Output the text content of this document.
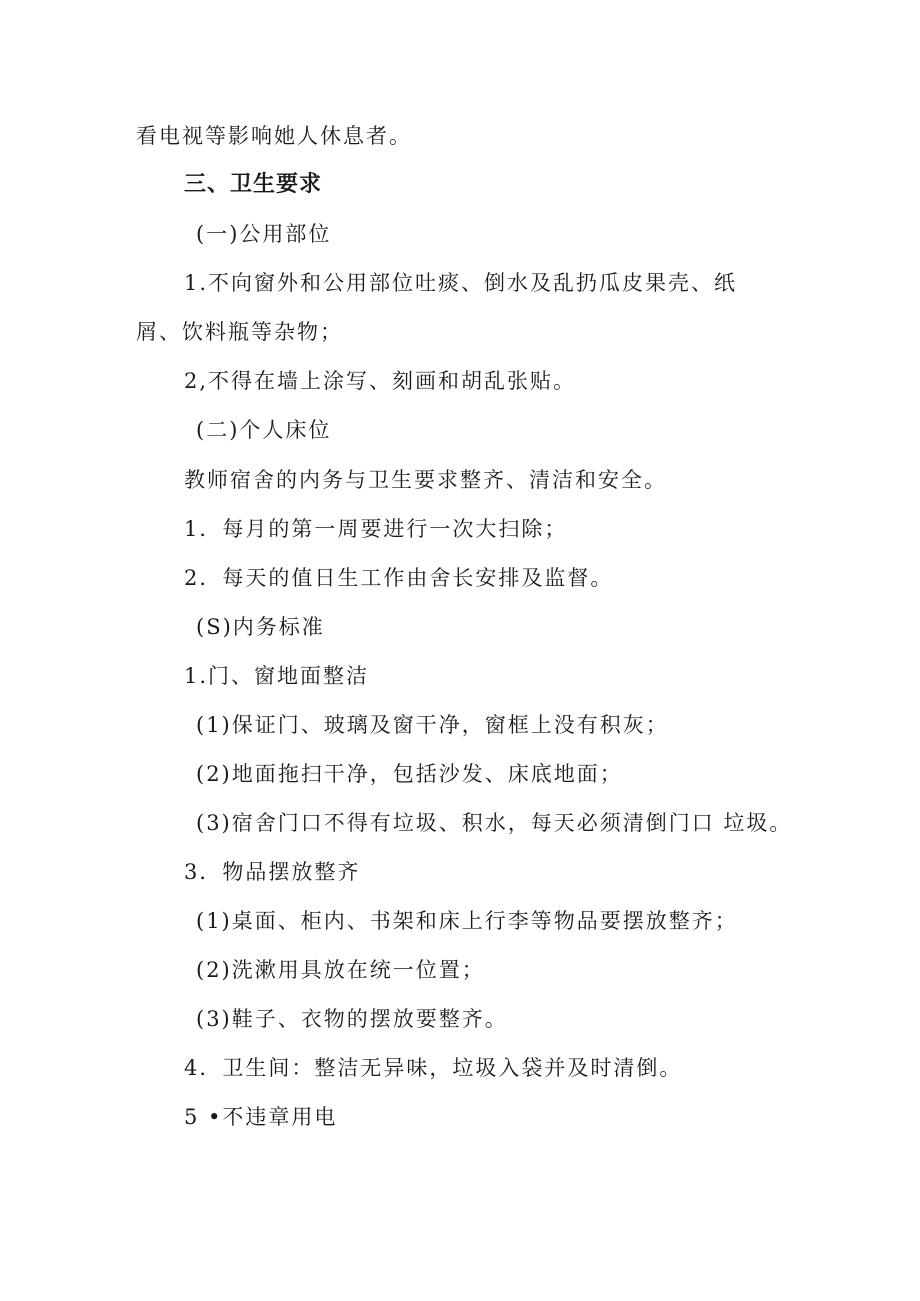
看电视等影响她人休息者。
三、卫生要求
(一)公用部位
1.不向窗外和公用部位吐痰、倒水及乱扔瓜皮果壳、纸
屑、饮料瓶等杂物；
2,不得在墙上涂写、刻画和胡乱张贴。
(二)个人床位
教师宿舍的内务与卫生要求整齐、清洁和安全。
1．每月的第一周要进行一次大扫除；
2．每天的值日生工作由舍长安排及监督。
(S)内务标准
1.门、窗地面整洁
(1)保证门、玻璃及窗干净，窗框上没有积灰；
(2)地面拖扫干净，包括沙发、床底地面；
(3)宿舍门口不得有垃圾、积水，每天必须清倒门口 垃圾。
3．物品摆放整齐
(1)桌面、柜内、书架和床上行李等物品要摆放整齐；
(2)洗漱用具放在统一位置；
(3)鞋子、衣物的摆放要整齐。
4．卫生间：整洁无异味，垃圾入袋并及时清倒。
5 •不违章用电
